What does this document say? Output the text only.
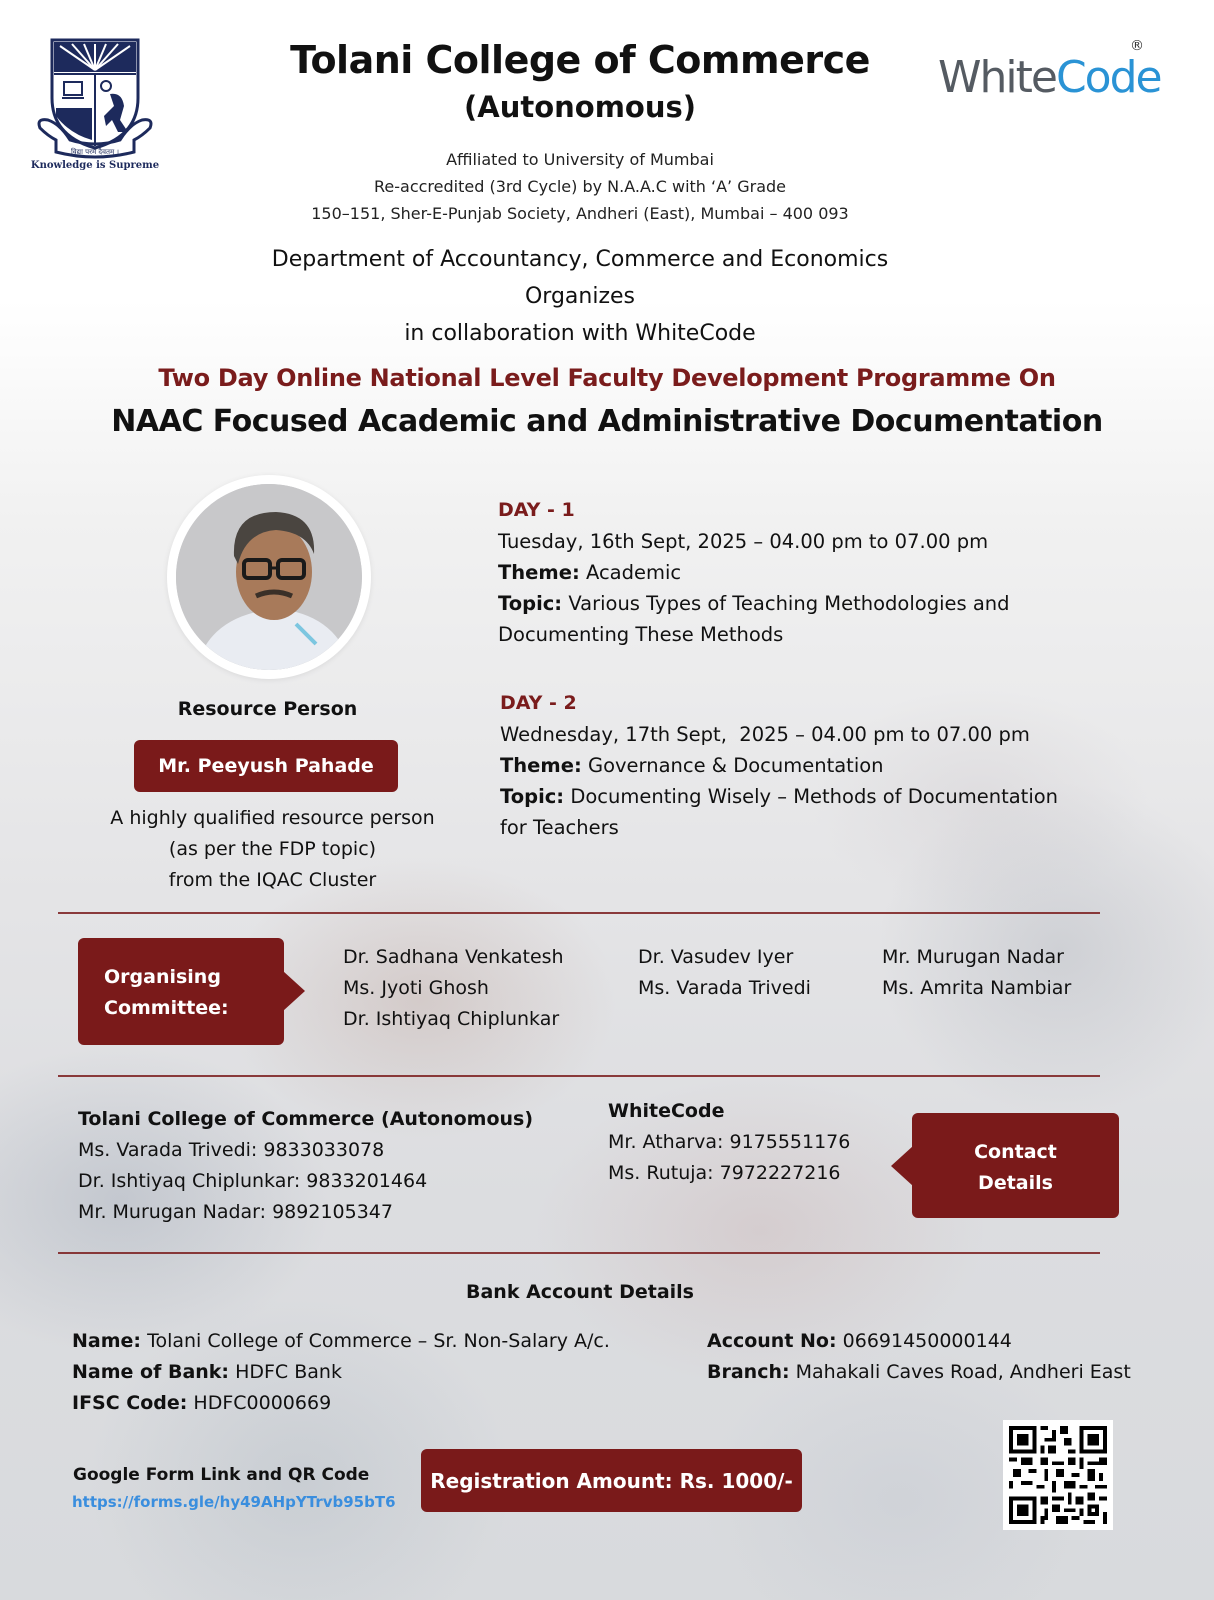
विद्या परमं दैवतम् ।
Knowledge is Supreme
Tolani College of Commerce
(Autonomous)
®
WhiteCode
Affiliated to University of Mumbai
Re-accredited (3rd Cycle) by N.A.A.C with ‘A’ Grade
150–151, Sher-E-Punjab Society, Andheri (East), Mumbai – 400 093
Department of Accountancy, Commerce and Economics
Organizes
in collaboration with WhiteCode
Two Day Online National Level Faculty Development Programme On
NAAC Focused Academic and Administrative Documentation
Resource Person
Mr. Peeyush Pahade
A highly qualified resource person
(as per the FDP topic)
from the IQAC Cluster
DAY - 1
Tuesday, 16th Sept, 2025 – 04.00 pm to 07.00 pm
Theme: Academic
Topic: Various Types of Teaching Methodologies and
Documenting These Methods
DAY - 2
Wednesday, 17th Sept,  2025 – 04.00 pm to 07.00 pm
Theme: Governance & Documentation
Topic: Documenting Wisely – Methods of Documentation
for Teachers
Organising
Committee:
Dr. Sadhana Venkatesh
Ms. Jyoti Ghosh
Dr. Ishtiyaq Chiplunkar
Dr. Vasudev Iyer
Ms. Varada Trivedi
Mr. Murugan Nadar
Ms. Amrita Nambiar
Tolani College of Commerce (Autonomous)
Ms. Varada Trivedi: 9833033078
Dr. Ishtiyaq Chiplunkar: 9833201464
Mr. Murugan Nadar: 9892105347
WhiteCode
Mr. Atharva: 9175551176
Ms. Rutuja: 7972227216
Contact
Details
Bank Account Details
Name: Tolani College of Commerce – Sr. Non-Salary A/c.
Name of Bank: HDFC Bank
IFSC Code: HDFC0000669
Account No: 06691450000144
Branch: Mahakali Caves Road, Andheri East
Google Form Link and QR Code
https://forms.gle/hy49AHpYTrvb95bT6
Registration Amount: Rs. 1000/-
